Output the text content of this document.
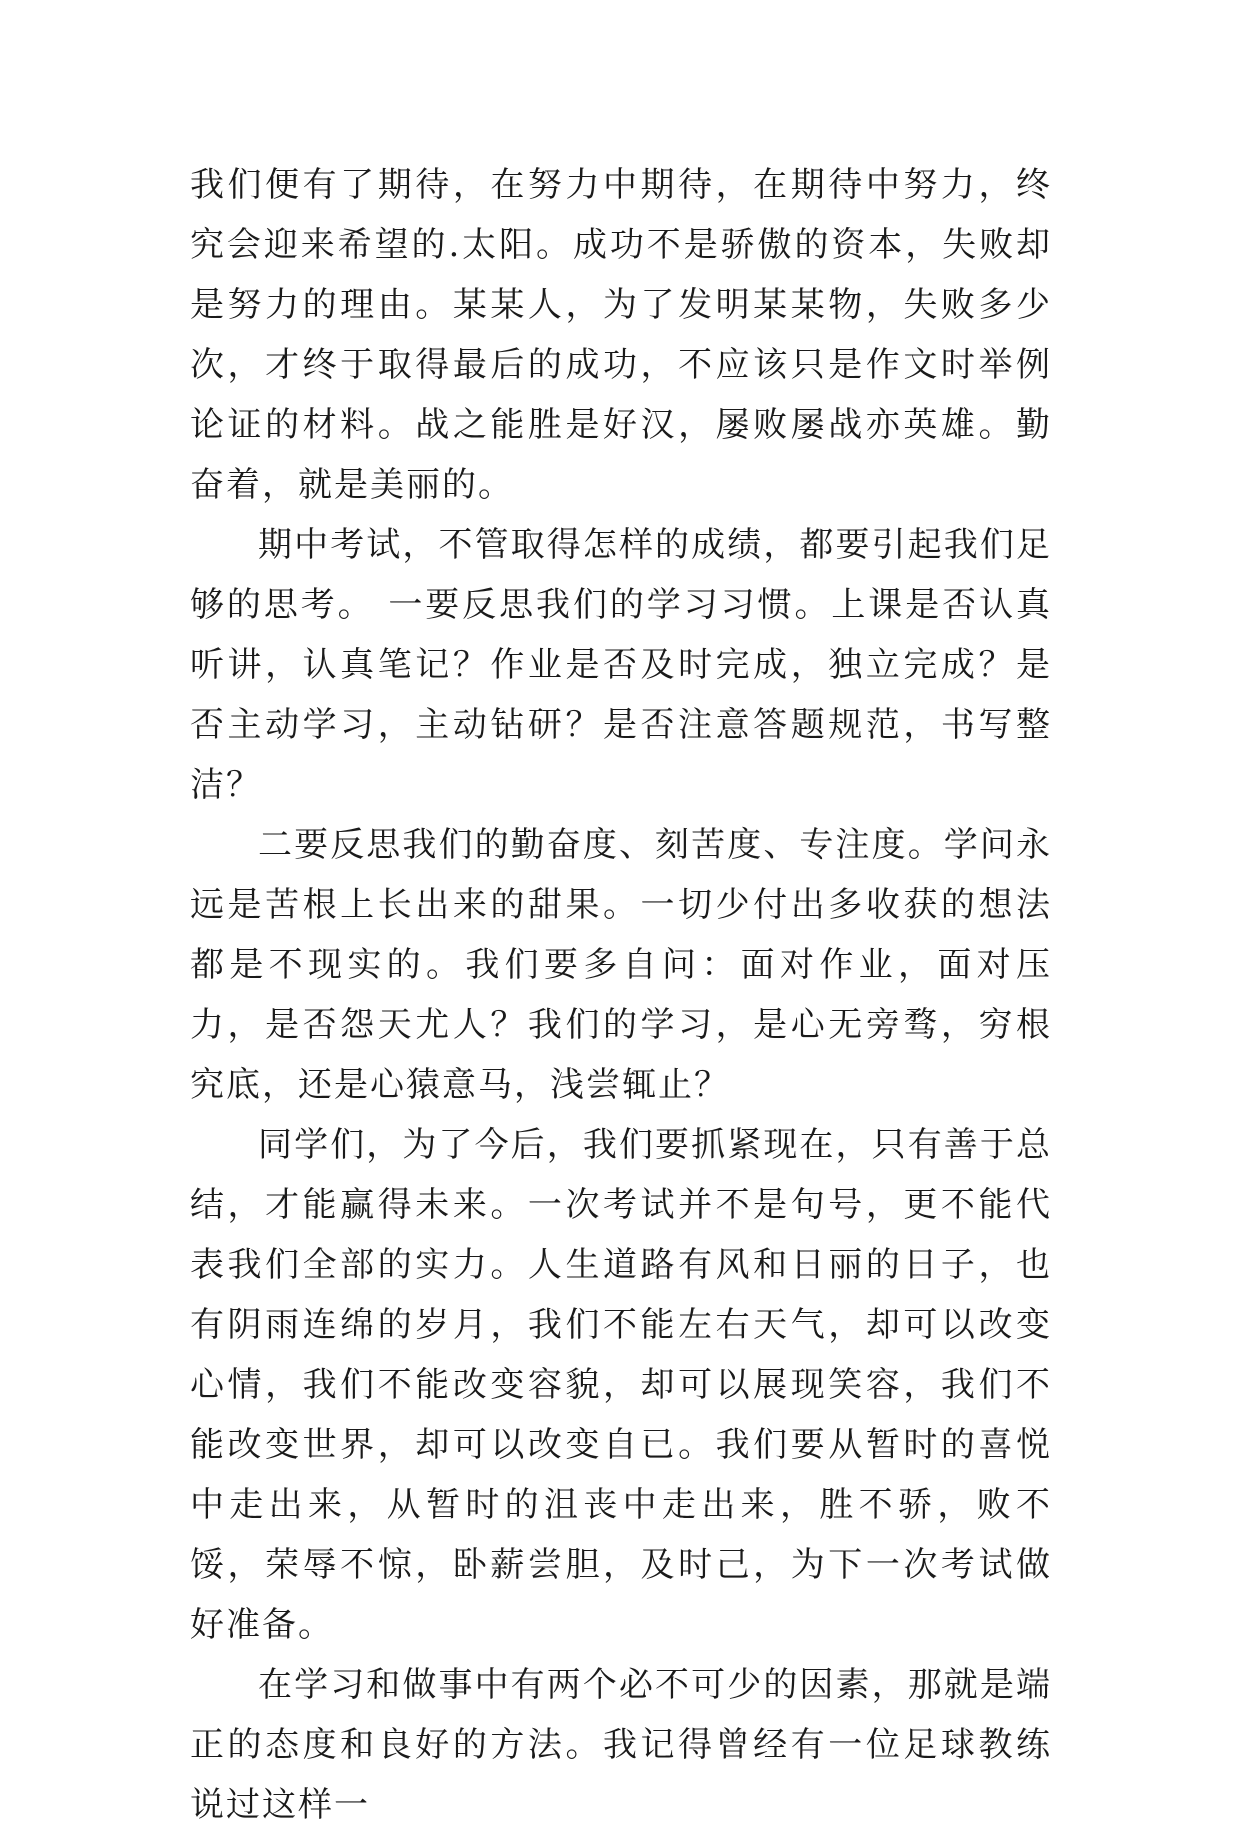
我们便有了期待，在努力中期待，在期待中努力，终究会迎来希望的.太阳。成功不是骄傲的资本，失败却是努力的理由。某某人，为了发明某某物，失败多少次，才终于取得最后的成功，不应该只是作文时举例论证的材料。战之能胜是好汉，屡败屡战亦英雄。勤奋着，就是美丽的。

期中考试，不管取得怎样的成绩，都要引起我们足够的思考。 一要反思我们的学习习惯。上课是否认真听讲，认真笔记？作业是否及时完成，独立完成？是否主动学习，主动钻研？是否注意答题规范，书写整洁？

二要反思我们的勤奋度、刻苦度、专注度。学问永远是苦根上长出来的甜果。一切少付出多收获的想法都是不现实的。我们要多自问：面对作业，面对压力，是否怨天尤人？我们的学习，是心无旁骛，穷根究底，还是心猿意马，浅尝辄止？

同学们，为了今后，我们要抓紧现在，只有善于总结，才能赢得未来。一次考试并不是句号，更不能代表我们全部的实力。人生道路有风和日丽的日子，也有阴雨连绵的岁月，我们不能左右天气，却可以改变心情，我们不能改变容貌，却可以展现笑容，我们不能改变世界，却可以改变自已。我们要从暂时的喜悦中走出来，从暂时的沮丧中走出来，胜不骄，败不馁，荣辱不惊，卧薪尝胆，及时己，为下一次考试做好准备。

在学习和做事中有两个必不可少的因素，那就是端正的态度和良好的方法。我记得曾经有一位足球教练说过这样一
